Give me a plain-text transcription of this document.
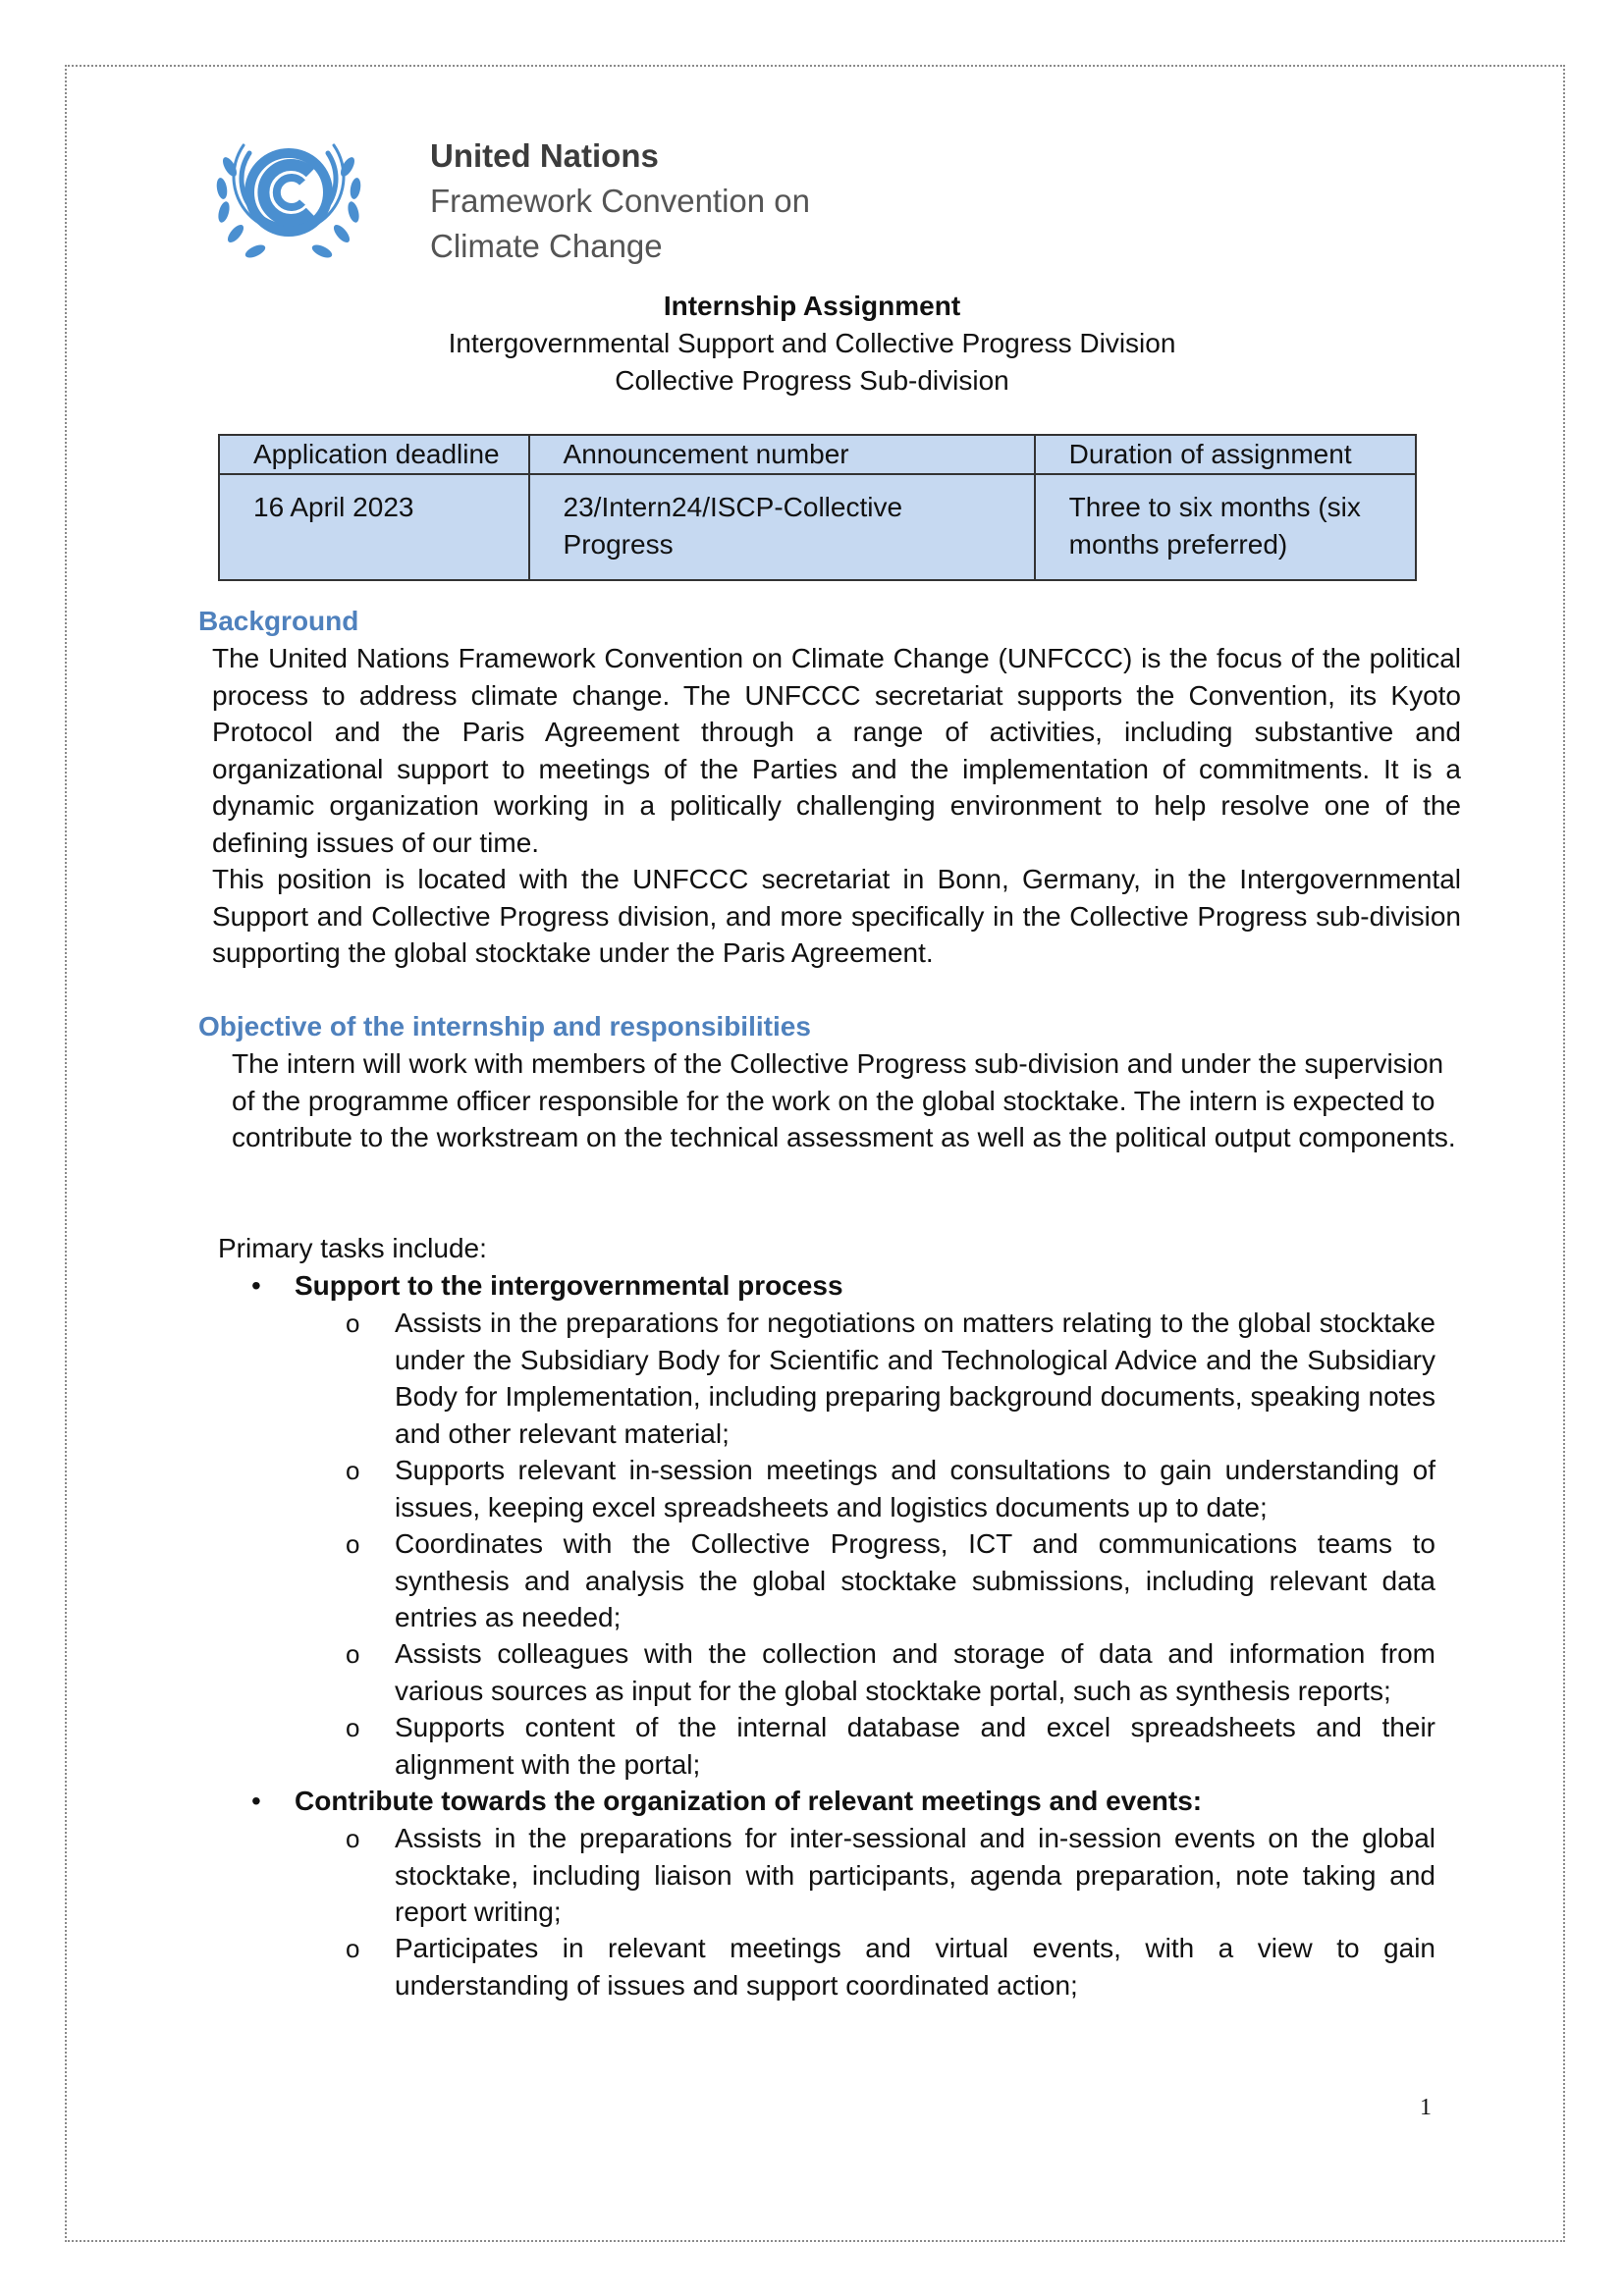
United Nations
Framework Convention on
Climate Change
Internship Assignment
Intergovernmental Support and Collective Progress Division
Collective Progress Sub-division
Application deadline	Announcement number	Duration of assignment
16 April 2023	23/Intern24/ISCP-Collective Progress	Three to six months (six months preferred)
Background
The United Nations Framework Convention on Climate Change (UNFCCC) is the focus of the political process to address climate change. The UNFCCC secretariat supports the Convention, its Kyoto Protocol and the Paris Agreement through a range of activities, including substantive and organizational support to meetings of the Parties and the implementation of commitments. It is a dynamic organization working in a politically challenging environment to help resolve one of the defining issues of our time.
This position is located with the UNFCCC secretariat in Bonn, Germany, in the Intergovernmental Support and Collective Progress division, and more specifically in the Collective Progress sub-division supporting the global stocktake under the Paris Agreement.
Objective of the internship and responsibilities
The intern will work with members of the Collective Progress sub-division and under the supervision of the programme officer responsible for the work on the global stocktake. The intern is expected to contribute to the workstream on the technical assessment as well as the political output components.
Primary tasks include:
• Support to the intergovernmental process
o Assists in the preparations for negotiations on matters relating to the global stocktake under the Subsidiary Body for Scientific and Technological Advice and the Subsidiary Body for Implementation, including preparing background documents, speaking notes and other relevant material;
o Supports relevant in-session meetings and consultations to gain understanding of issues, keeping excel spreadsheets and logistics documents up to date;
o Coordinates with the Collective Progress, ICT and communications teams to synthesis and analysis the global stocktake submissions, including relevant data entries as needed;
o Assists colleagues with the collection and storage of data and information from various sources as input for the global stocktake portal, such as synthesis reports;
o Supports content of the internal database and excel spreadsheets and their alignment with the portal;
• Contribute towards the organization of relevant meetings and events:
o Assists in the preparations for inter-sessional and in-session events on the global stocktake, including liaison with participants, agenda preparation, note taking and report writing;
o Participates in relevant meetings and virtual events, with a view to gain understanding of issues and support coordinated action;
1
